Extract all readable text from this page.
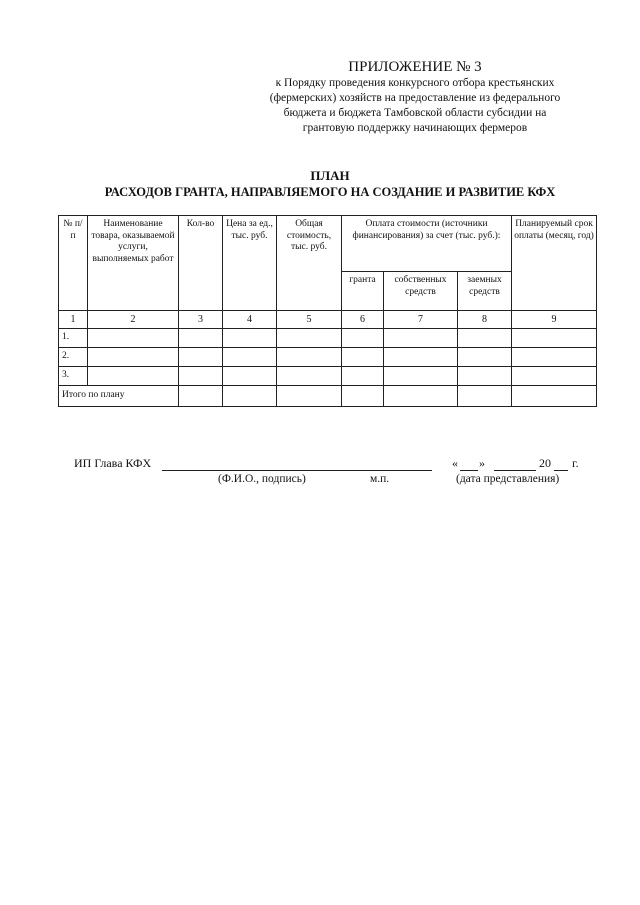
ПРИЛОЖЕНИЕ № 3
к Порядку проведения конкурсного отбора крестьянских
(фермерских) хозяйств на предоставление из федерального
бюджета и бюджета Тамбовской области субсидии на
грантовую поддержку начинающих фермеров
ПЛАН
РАСХОДОВ ГРАНТА, НАПРАВЛЯЕМОГО НА СОЗДАНИЕ И РАЗВИТИЕ КФХ
№ п/п	Наименование товара, оказываемой услуги, выполняемых работ	Кол-во	Цена за ед., тыс. руб.	Общая стоимость, тыс. руб.	Оплата стоимости (источники финансирования) за счет (тыс. руб.):			Планируемый срок оплаты (месяц, год)
					гранта	собственных средств	заемных средств	
1	2	3	4	5	6	7	8	9
1.								
2.								
3.								
Итого по плану								
ИП Глава КФХ	« »	20 г.
(Ф.И.О., подпись)	м.п.	(дата представления)
